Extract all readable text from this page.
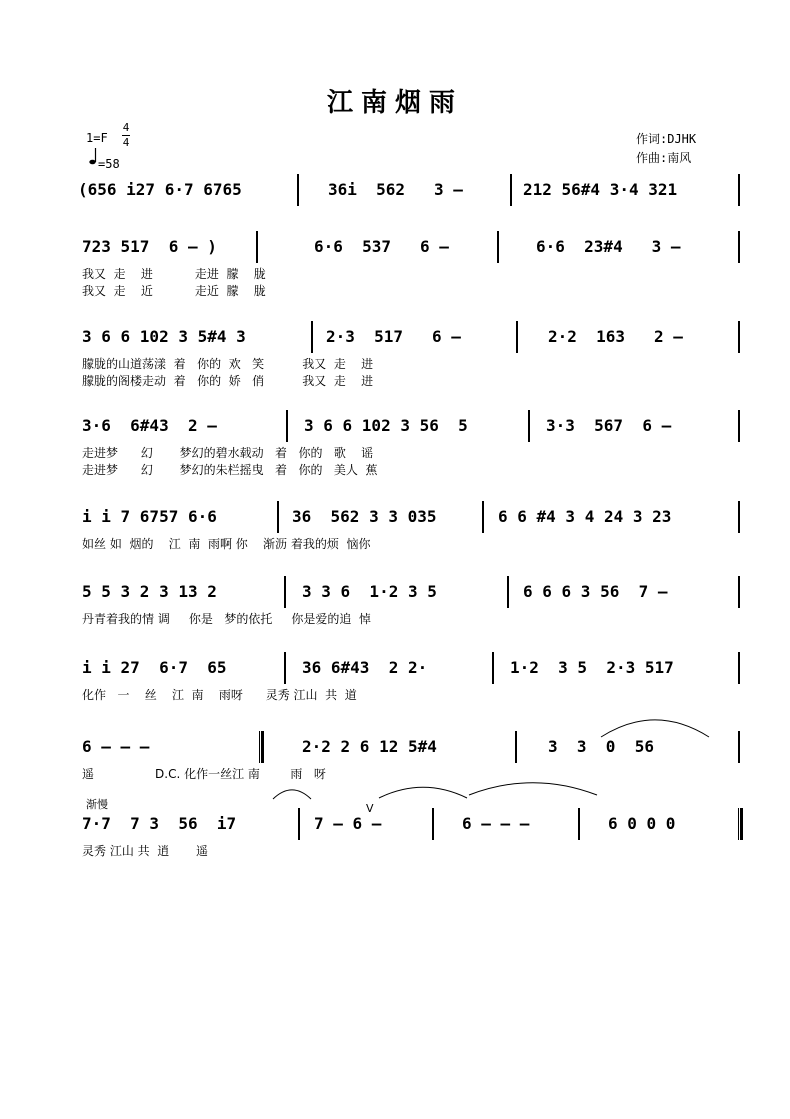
江南烟雨
1=F
4
4
=58
作词:DJHK
作曲:南风
(656 i27 6·7 6765	36i  562   3 –	212 56#4 3·4 321
723 517  6 – )	6·6  537   6 –	6·6  23#4   3 –
我又  走    进           走进  朦    胧
我又  走    近           走近  朦    胧
3 6 6 102 3 5#4 3	2·3  517   6 –	2·2  163   2 –
朦胧的山道荡漾  着   你的  欢   笑          我又  走    进
朦胧的阁楼走动  着   你的  娇   俏          我又  走    进
3·6  6#43  2 –	3 6 6 102 3 56  5	3·3  567  6 –
走进梦      幻       梦幻的碧水载动   着   你的   歌    谣
走进梦      幻       梦幻的朱栏摇曳   着   你的   美人  蕉
i i 7 6757 6·6	36  562 3 3 035	6 6 #4 3 4 24 3 23
如丝 如  烟的    江  南  雨啊 你    渐沥 着我的烦  恼你
5 5 3 2 3 13 2	3 3 6  1·2 3 5	6 6 6 3 56  7 –
丹青着我的情 调     你是   梦的依托     你是爱的追  悼
i i 27  6·7  65	36 6#43  2 2·	1·2  3 5  2·3 517
化作   一    丝    江  南    雨呀      灵秀 江山  共  道
6 – – –	2·2 2 6 12 5#4	3  3  0  56
遥                D.C. 化作一丝江 南        雨   呀
7·7  7 3  56  i7	7 – 6 –	6 – – –	6 0 0 0
灵秀 江山 共  逍       遥
渐慢	V
